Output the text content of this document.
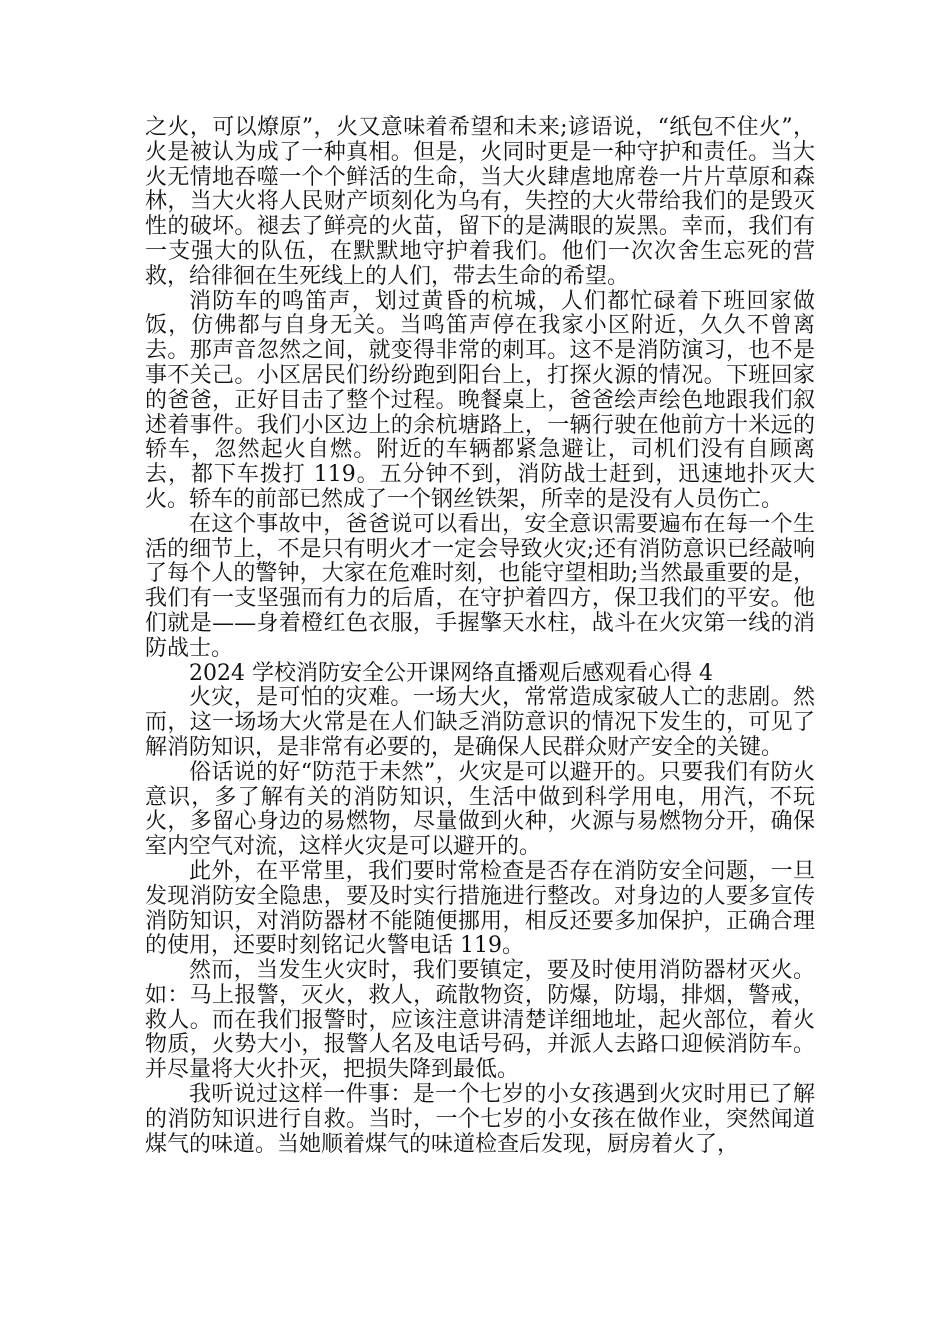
之火，可以燎原”，火又意味着希望和未来;谚语说，“纸包不住火”，火是被认为成了一种真相。但是，火同时更是一种守护和责任。当大火无情地吞噬一个个鲜活的生命，当大火肆虐地席卷一片片草原和森林，当大火将人民财产顷刻化为乌有，失控的大火带给我们的是毁灭性的破坏。褪去了鲜亮的火苗，留下的是满眼的炭黑。幸而，我们有一支强大的队伍，在默默地守护着我们。他们一次次舍生忘死的营救，给徘徊在生死线上的人们，带去生命的希望。

消防车的鸣笛声，划过黄昏的杭城，人们都忙碌着下班回家做饭，仿佛都与自身无关。当鸣笛声停在我家小区附近，久久不曾离去。那声音忽然之间，就变得非常的刺耳。这不是消防演习，也不是事不关己。小区居民们纷纷跑到阳台上，打探火源的情况。下班回家的爸爸，正好目击了整个过程。晚餐桌上，爸爸绘声绘色地跟我们叙述着事件。我们小区边上的余杭塘路上，一辆行驶在他前方十米远的轿车，忽然起火自燃。附近的车辆都紧急避让，司机们没有自顾离去，都下车拨打 119。五分钟不到，消防战士赶到，迅速地扑灭大火。轿车的前部已然成了一个钢丝铁架，所幸的是没有人员伤亡。

在这个事故中，爸爸说可以看出，安全意识需要遍布在每一个生活的细节上，不是只有明火才一定会导致火灾;还有消防意识已经敲响了每个人的警钟，大家在危难时刻，也能守望相助;当然最重要的是，我们有一支坚强而有力的后盾，在守护着四方，保卫我们的平安。他们就是——身着橙红色衣服，手握擎天水柱，战斗在火灾第一线的消防战士。

2024 学校消防安全公开课网络直播观后感观看心得 4

火灾，是可怕的灾难。一场大火，常常造成家破人亡的悲剧。然而，这一场场大火常是在人们缺乏消防意识的情况下发生的，可见了解消防知识，是非常有必要的，是确保人民群众财产安全的关键。

俗话说的好“防范于未然”，火灾是可以避开的。只要我们有防火意识，多了解有关的消防知识，生活中做到科学用电，用汽，不玩火，多留心身边的易燃物，尽量做到火种，火源与易燃物分开，确保室内空气对流，这样火灾是可以避开的。

此外，在平常里，我们要时常检查是否存在消防安全问题，一旦发现消防安全隐患，要及时实行措施进行整改。对身边的人要多宣传消防知识，对消防器材不能随便挪用，相反还要多加保护，正确合理的使用，还要时刻铭记火警电话 119。

然而，当发生火灾时，我们要镇定，要及时使用消防器材灭火。如：马上报警，灭火，救人，疏散物资，防爆，防塌，排烟，警戒，救人。而在我们报警时，应该注意讲清楚详细地址，起火部位，着火物质，火势大小，报警人名及电话号码，并派人去路口迎候消防车。并尽量将大火扑灭，把损失降到最低。

我听说过这样一件事：是一个七岁的小女孩遇到火灾时用已了解的消防知识进行自救。当时，一个七岁的小女孩在做作业，突然闻道煤气的味道。当她顺着煤气的味道检查后发现，厨房着火了，
